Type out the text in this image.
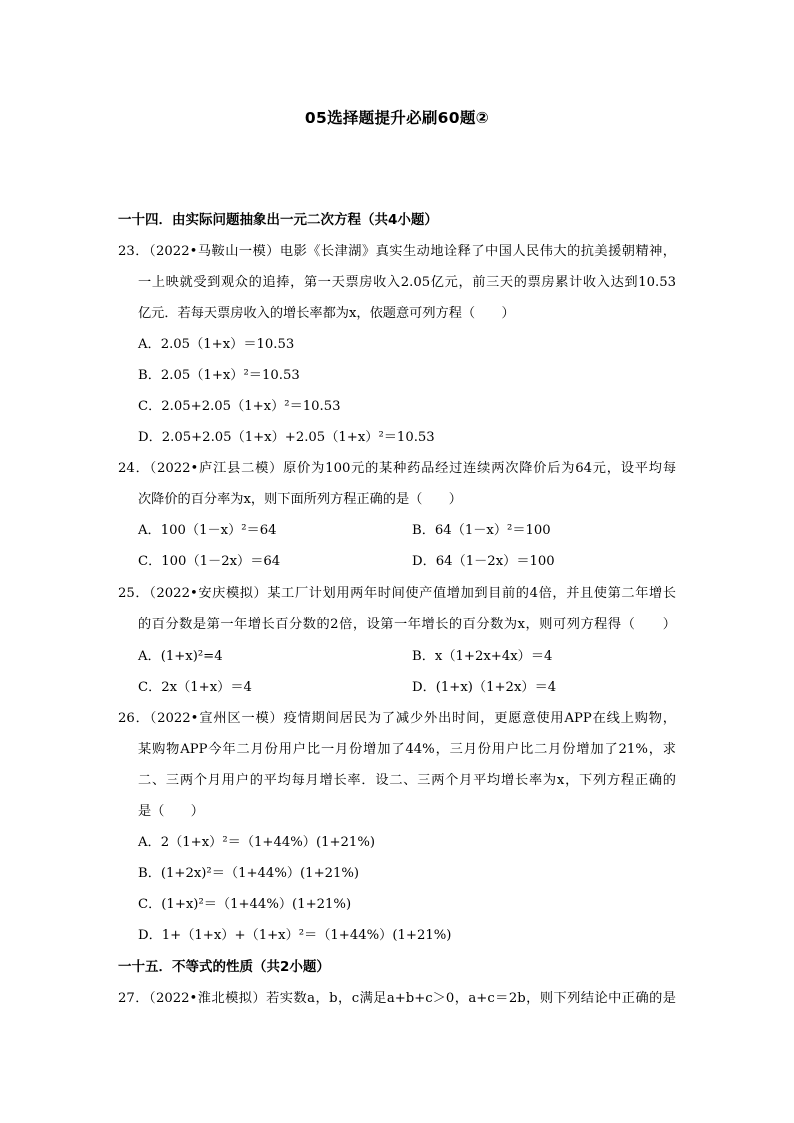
05选择题提升必刷60题②
一十四．由实际问题抽象出一元二次方程（共4小题）
23．（2022•马鞍山一模）电影《长津湖》真实生动地诠释了中国人民伟大的抗美援朝精神，
一上映就受到观众的追捧，第一天票房收入2.05亿元，前三天的票房累计收入达到10.53
亿元．若每天票房收入的增长率都为x，依题意可列方程（　　）
A．2.05（1+x）＝10.53
B．2.05（1+x）²＝10.53
C．2.05+2.05（1+x）²＝10.53
D．2.05+2.05（1+x）+2.05（1+x）²＝10.53
24．（2022•庐江县二模）原价为100元的某种药品经过连续两次降价后为64元，设平均每
次降价的百分率为x，则下面所列方程正确的是（　　）
A．100（1－x）²＝64	B．64（1－x）²＝100
C．100（1－2x）＝64	D．64（1－2x）＝100
25．（2022•安庆模拟）某工厂计划用两年时间使产值增加到目前的4倍，并且使第二年增长
的百分数是第一年增长百分数的2倍，设第一年增长的百分数为x，则可列方程得（　　）
A．(1+x)²=4	B．x（1+2x+4x）＝4
C．2x（1+x）＝4	D．(1+x)（1+2x）＝4
26．（2022•宣州区一模）疫情期间居民为了减少外出时间，更愿意使用APP在线上购物，
某购物APP今年二月份用户比一月份增加了44%，三月份用户比二月份增加了21%，求
二、三两个月用户的平均每月增长率．设二、三两个月平均增长率为x，下列方程正确的
是（　　）
A．2（1+x）²＝（1+44%）(1+21%)
B．(1+2x)²＝（1+44%）(1+21%)
C．(1+x)²＝（1+44%）(1+21%)
D．1+（1+x）+（1+x）²＝（1+44%）(1+21%)
一十五．不等式的性质（共2小题）
27．（2022•淮北模拟）若实数a，b，c满足a+b+c＞0，a+c＝2b，则下列结论中正确的是
